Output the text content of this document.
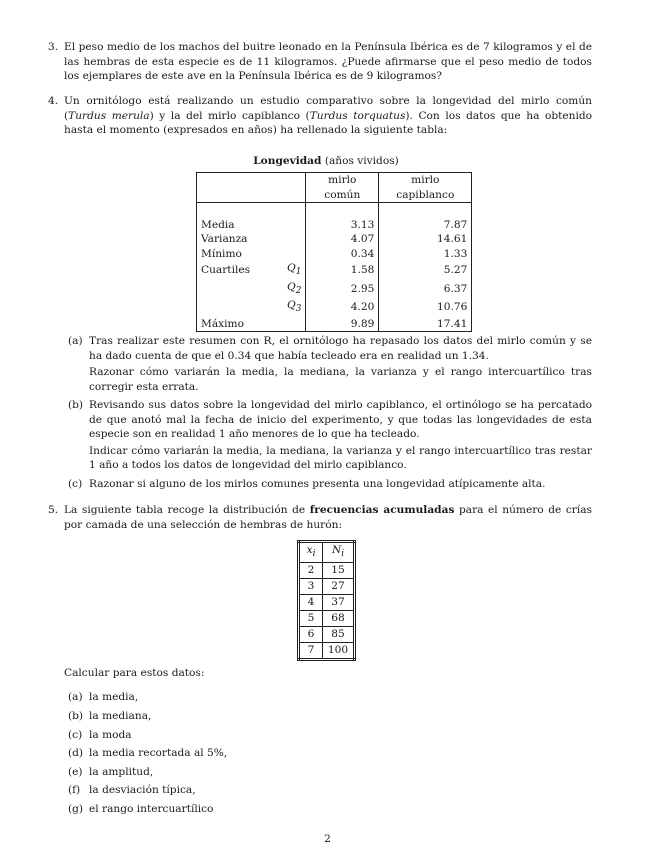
3. El peso medio de los machos del buitre leonado en la Península Ibérica es de 7 kilogramos y el de las hembras de esta especie es de 11 kilogramos. ¿Puede afirmarse que el peso medio de todos los ejemplares de este ave en la Península Ibérica es de 9 kilogramos?
4. Un ornitólogo está realizando un estudio comparativo sobre la longevidad del mirlo común (Turdus merula) y la del mirlo capiblanco (Turdus torquatus). Con los datos que ha obtenido hasta el momento (expresados en años) ha rellenado la siguiente tabla:
Longevidad (años vividos)
		mirlo común	mirlo capiblanco

Media		3.13	7.87
Varianza		4.07	14.61
Mínimo		0.34	1.33
Cuartiles	$Q_1$	1.58	5.27
	$Q_2$	2.95	6.37
	$Q_3$	4.20	10.76
Máximo		9.89	17.41
(a) Tras realizar este resumen con R, el ornitólogo ha repasado los datos del mirlo común y se ha dado cuenta de que el 0.34 que había tecleado era en realidad un 1.34.

Razonar cómo variarán la media, la mediana, la varianza y el rango intercuartílico tras corregir esta errata.

(b) Revisando sus datos sobre la longevidad del mirlo capiblanco, el ortinólogo se ha percatado de que anotó mal la fecha de inicio del experimento, y que todas las longevidades de esta especie son en realidad 1 año menores de lo que ha tecleado.

Indicar cómo variarán la media, la mediana, la varianza y el rango intercuartílico tras restar 1 año a todos los datos de longevidad del mirlo capiblanco.

(c) Razonar si alguno de los mirlos comunes presenta una longevidad atípicamente alta.

5. La siguiente tabla recoge la distribución de frecuencias acumuladas para el número de crías por camada de una selección de hembras de hurón:
$x_i$	$N_i$
2	15
3	27
4	37
5	68
6	85
7	100
Calcular para estos datos:
(a) la media,
(b) la mediana,
(c) la moda
(d) la media recortada al 5%,
(e) la amplitud,
(f) la desviación típica,
(g) el rango intercuartílico
2
